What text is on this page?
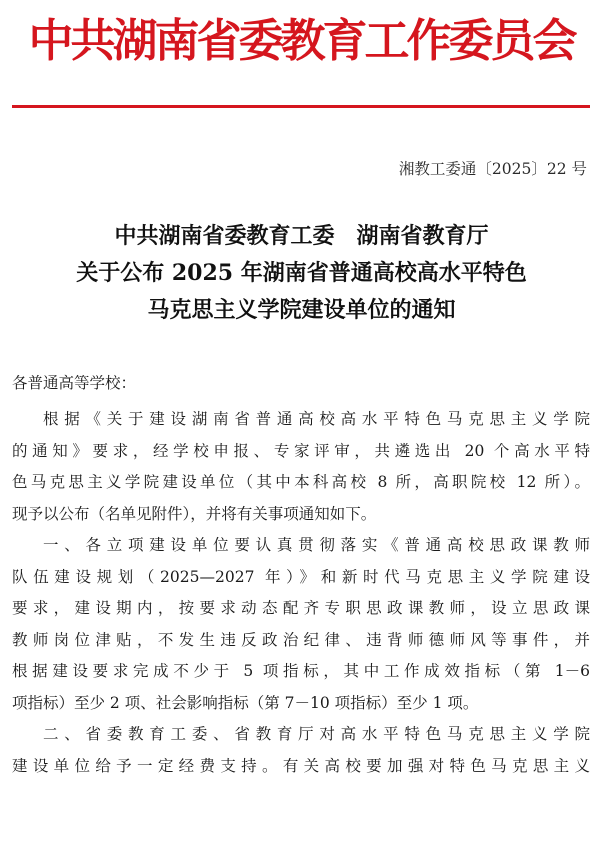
中共湖南省委教育工作委员会
湘教工委通〔2025〕22 号
中共湖南省委教育工委　湖南省教育厅
关于公布 2025 年湖南省普通高校高水平特色
马克思主义学院建设单位的通知
各普通高等学校：
根据《关于建设湖南省普通高校高水平特色马克思主义学院
的通知》要求，经学校申报、专家评审，共遴选出 20 个高水平特
色马克思主义学院建设单位（其中本科高校 8 所，高职院校 12 所）。
现予以公布（名单见附件），并将有关事项通知如下。
一、各立项建设单位要认真贯彻落实《普通高校思政课教师
队伍建设规划（2025—2027 年）》和新时代马克思主义学院建设
要求，建设期内，按要求动态配齐专职思政课教师，设立思政课
教师岗位津贴，不发生违反政治纪律、违背师德师风等事件，并
根据建设要求完成不少于 5 项指标，其中工作成效指标（第 1－6
项指标）至少 2 项、社会影响指标（第 7－10 项指标）至少 1 项。
二、省委教育工委、省教育厅对高水平特色马克思主义学院
建设单位给予一定经费支持。有关高校要加强对特色马克思主义
